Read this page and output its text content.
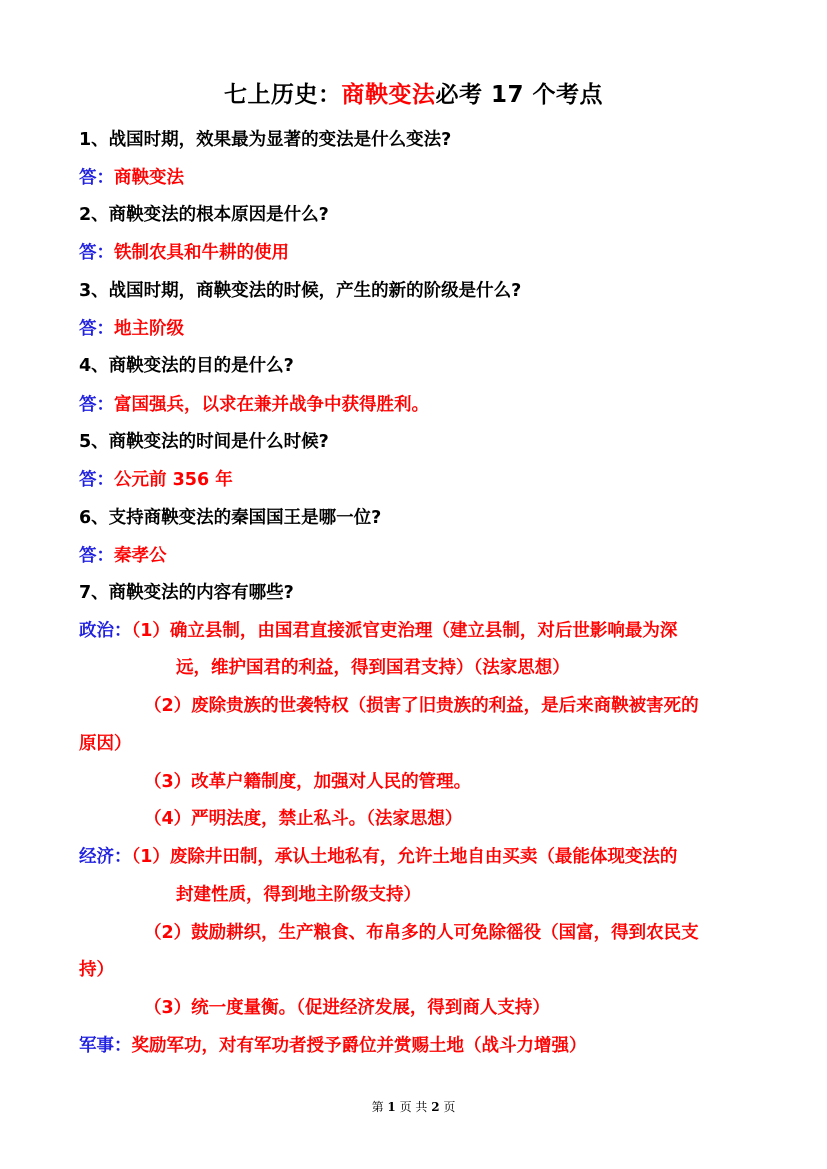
七上历史：商鞅变法必考 17 个考点
1、战国时期，效果最为显著的变法是什么变法?
答：商鞅变法
2、商鞅变法的根本原因是什么?
答：铁制农具和牛耕的使用
3、战国时期，商鞅变法的时候，产生的新的阶级是什么?
答：地主阶级
4、商鞅变法的目的是什么?
答：富国强兵，以求在兼并战争中获得胜利。
5、商鞅变法的时间是什么时候?
答：公元前 356 年
6、支持商鞅变法的秦国国王是哪一位?
答：秦孝公
7、商鞅变法的内容有哪些?
政治：（1）确立县制，由国君直接派官吏治理（建立县制，对后世影响最为深
远，维护国君的利益，得到国君支持）（法家思想）
（2）废除贵族的世袭特权（损害了旧贵族的利益，是后来商鞅被害死的
原因）
（3）改革户籍制度，加强对人民的管理。
（4）严明法度，禁止私斗。（法家思想）
经济：（1）废除井田制，承认土地私有，允许土地自由买卖（最能体现变法的
封建性质，得到地主阶级支持）
（2）鼓励耕织，生产粮食、布帛多的人可免除徭役（国富，得到农民支
持）
（3）统一度量衡。（促进经济发展，得到商人支持）
军事：奖励军功，对有军功者授予爵位并赏赐土地（战斗力增强）
第 1 页 共 2 页
